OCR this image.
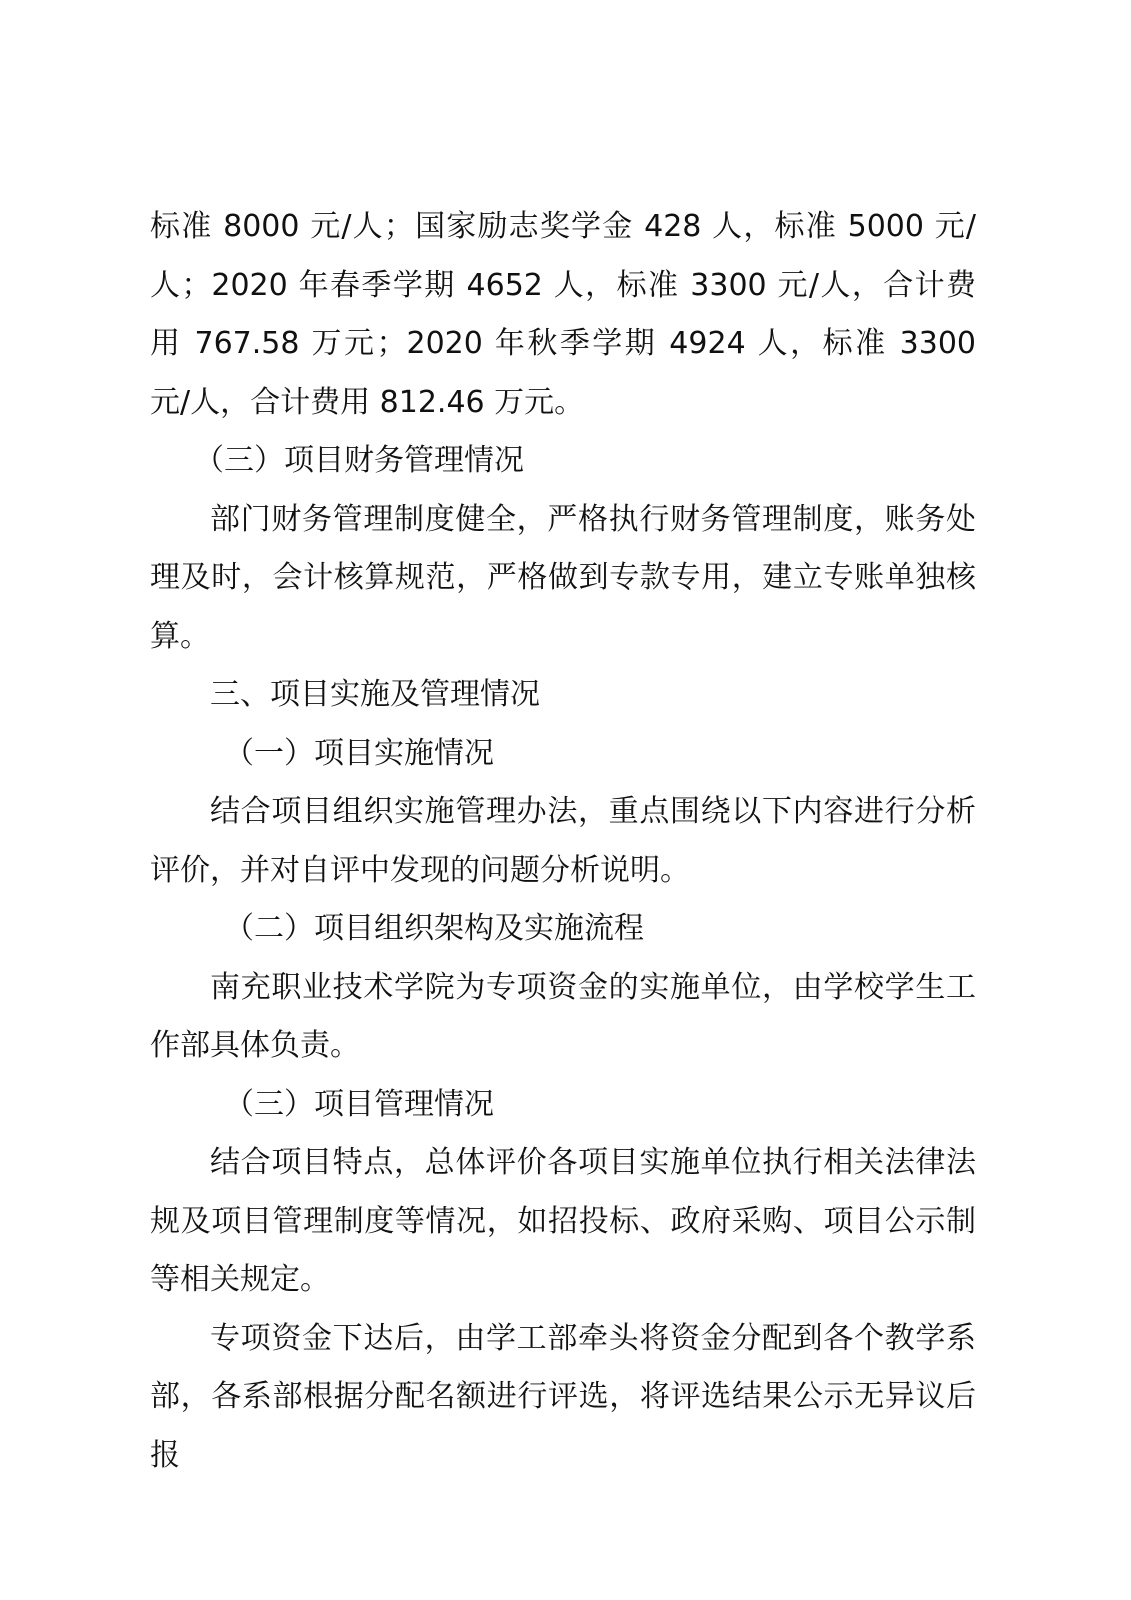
标准 8000 元/人；国家励志奖学金 428 人，标准 5000 元/人；2020 年春季学期 4652 人，标准 3300 元/人，合计费用 767.58 万元；2020 年秋季学期 4924 人，标准 3300 元/人，合计费用 812.46 万元。

（三）项目财务管理情况

部门财务管理制度健全，严格执行财务管理制度，账务处理及时，会计核算规范，严格做到专款专用，建立专账单独核算。

三、项目实施及管理情况

（一）项目实施情况

结合项目组织实施管理办法，重点围绕以下内容进行分析评价，并对自评中发现的问题分析说明。

（二）项目组织架构及实施流程

南充职业技术学院为专项资金的实施单位，由学校学生工作部具体负责。

（三）项目管理情况

结合项目特点，总体评价各项目实施单位执行相关法律法规及项目管理制度等情况，如招投标、政府采购、项目公示制等相关规定。

专项资金下达后，由学工部牵头将资金分配到各个教学系部，各系部根据分配名额进行评选，将评选结果公示无异议后报
